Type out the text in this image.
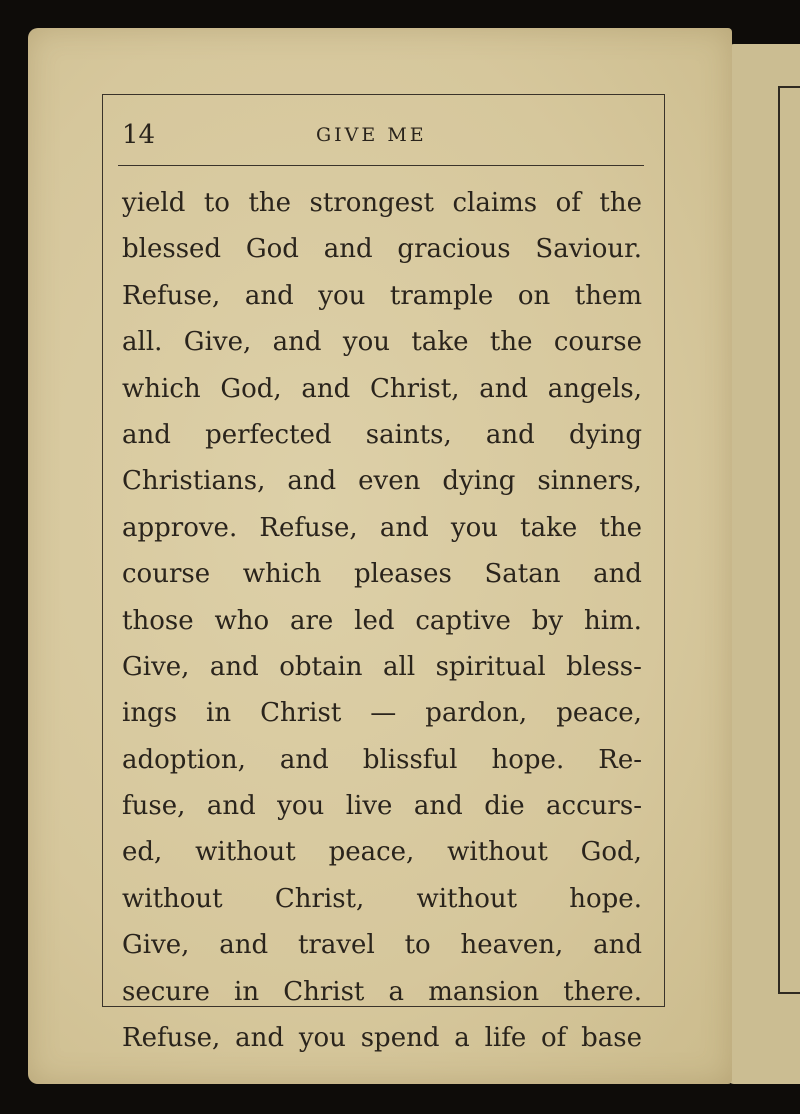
14	GIVE ME
yield to the strongest claims of the
blessed God and gracious Saviour.
Refuse, and you trample on them
all. Give, and you take the course
which God, and Christ, and angels,
and perfected saints, and dying
Christians, and even dying sinners,
approve. Refuse, and you take the
course which pleases Satan and
those who are led captive by him.
Give, and obtain all spiritual bless-
ings in Christ — pardon, peace,
adoption, and blissful hope. Re-
fuse, and you live and die accurs-
ed, without peace, without God,
without Christ, without hope.
Give, and travel to heaven, and
secure in Christ a mansion there.
Refuse, and you spend a life of base
